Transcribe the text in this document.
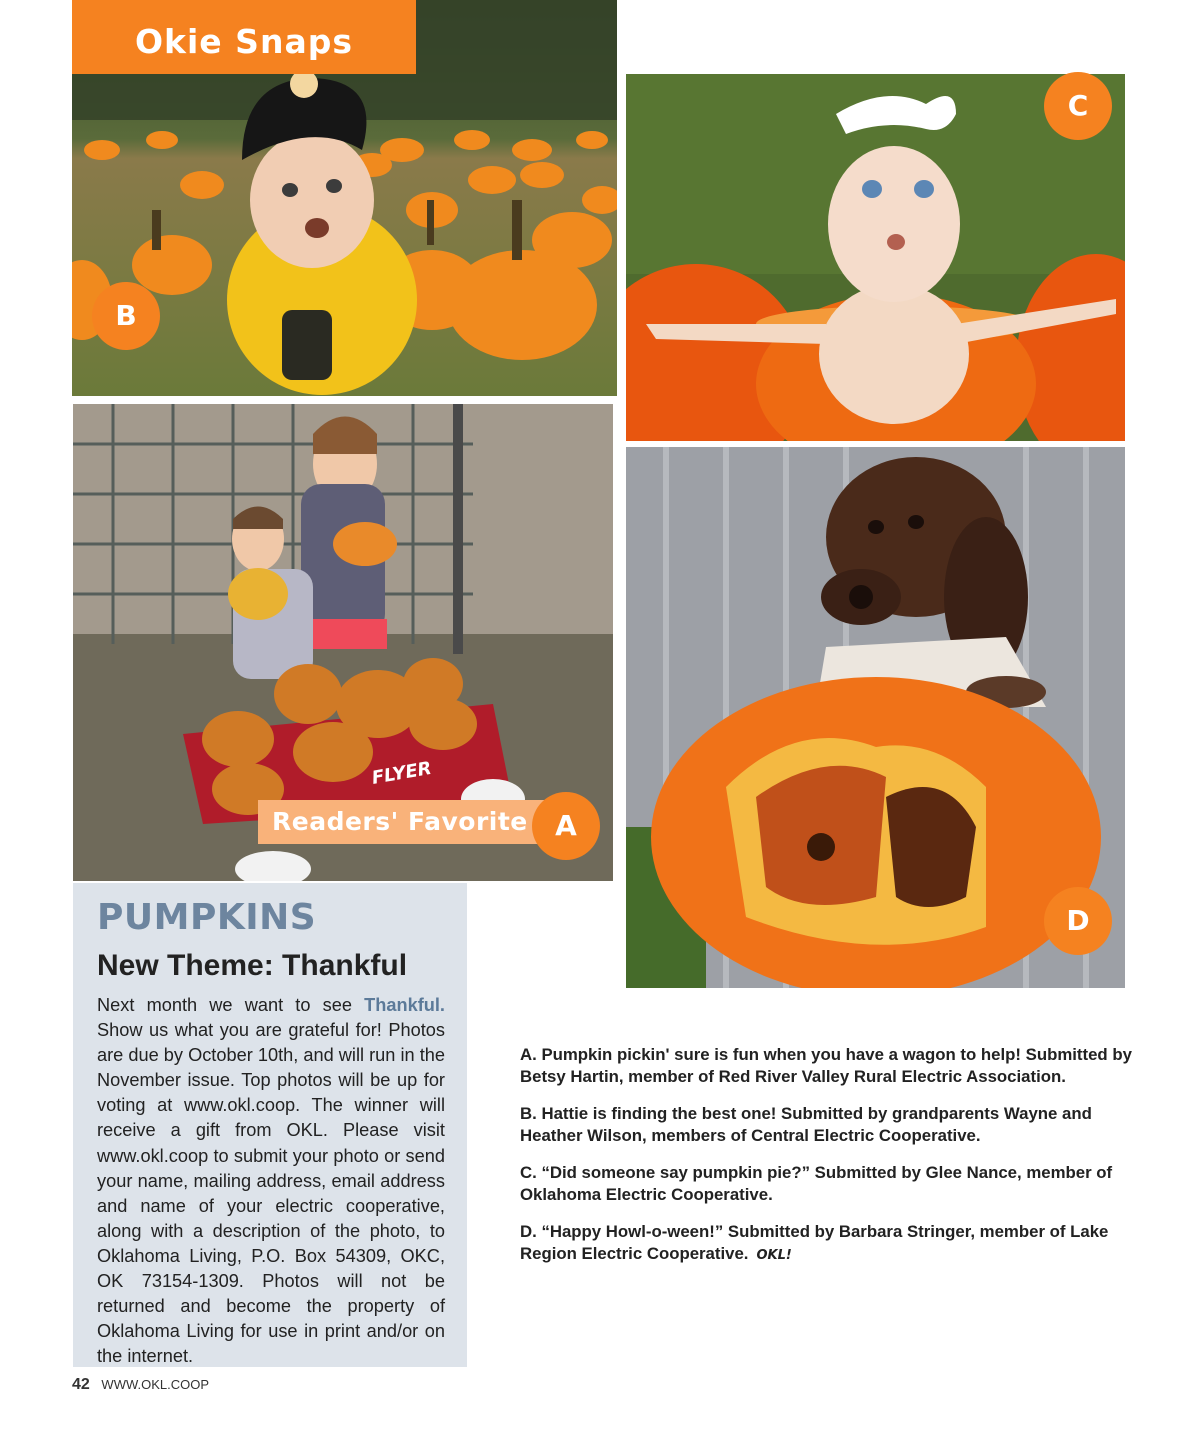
Okie Snaps
B
C
FLYER
Readers' Favorite A
D
PUMPKINS
New Theme: Thankful

Next month we want to see Thankful. Show us what you are grateful for! Photos are due by October 10th, and will run in the November issue. Top photos will be up for voting at www.okl.coop. The winner will receive a gift from OKL. Please visit www.okl.coop to submit your photo or send your name, mailing address, email address and name of your electric cooperative, along with a description of the photo, to Oklahoma Living, P.O. Box 54309, OKC, OK 73154-1309. Photos will not be returned and become the property of Oklahoma Living for use in print and/or on the internet.

A. Pumpkin pickin' sure is fun when you have a wagon to help! Submitted by Betsy Hartin, member of Red River Valley Rural Electric Association.

B. Hattie is finding the best one! Submitted by grandparents Wayne and Heather Wilson, members of Central Electric Cooperative.

C. “Did someone say pumpkin pie?” Submitted by Glee Nance, member of Oklahoma Electric Cooperative.

D. “Happy Howl-o-ween!” Submitted by Barbara Stringer, member of Lake Region Electric Cooperative. OKL!

42 WWW.OKL.COOP
